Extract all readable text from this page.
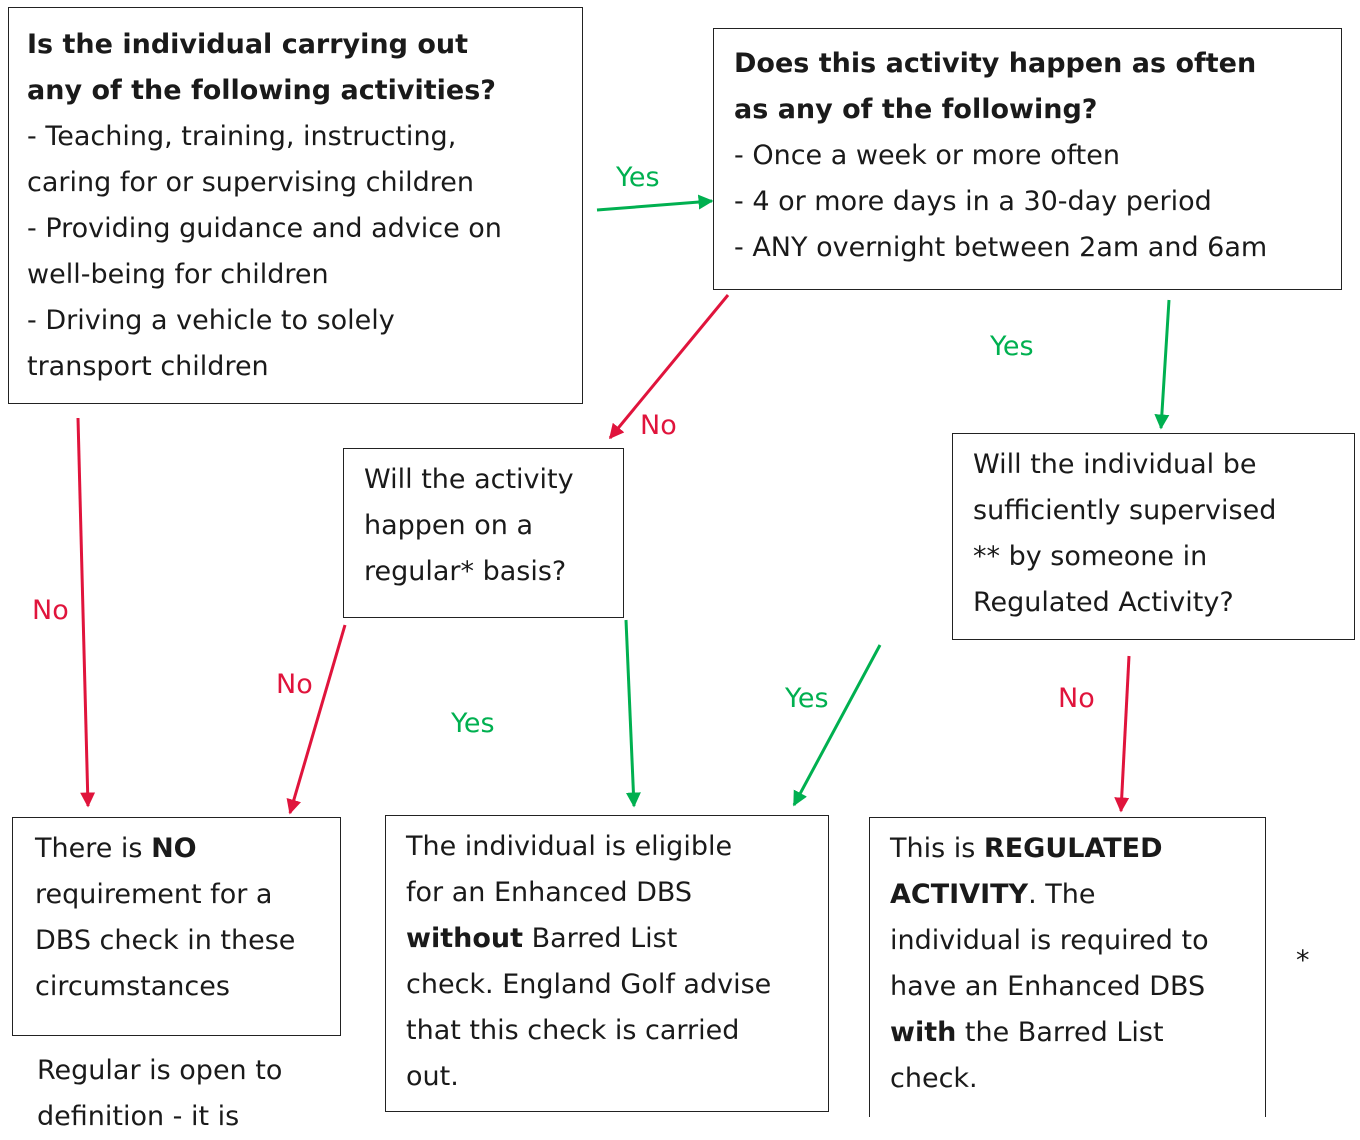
Is the individual carrying out
any of the following activities?
- Teaching, training, instructing,
caring for or supervising children
- Providing guidance and advice on
well-being for children
- Driving a vehicle to solely
transport children
Does this activity happen as often
as any of the following?
- Once a week or more often
- 4 or more days in a 30-day period
- ANY overnight between 2am and 6am
Will the activity
happen on a
regular* basis?
Will the individual be
sufficiently supervised
** by someone in
Regulated Activity?
There is NO
requirement for a
DBS check in these
circumstances
The individual is eligible
for an Enhanced DBS
without Barred List
check. England Golf advise
that this check is carried
out.
This is REGULATED
ACTIVITY. The
individual is required to
have an Enhanced DBS
with the Barred List
check.
Yes
No
Yes
No
No
Yes
Yes	No
*
Regular is open to
definition - it is
